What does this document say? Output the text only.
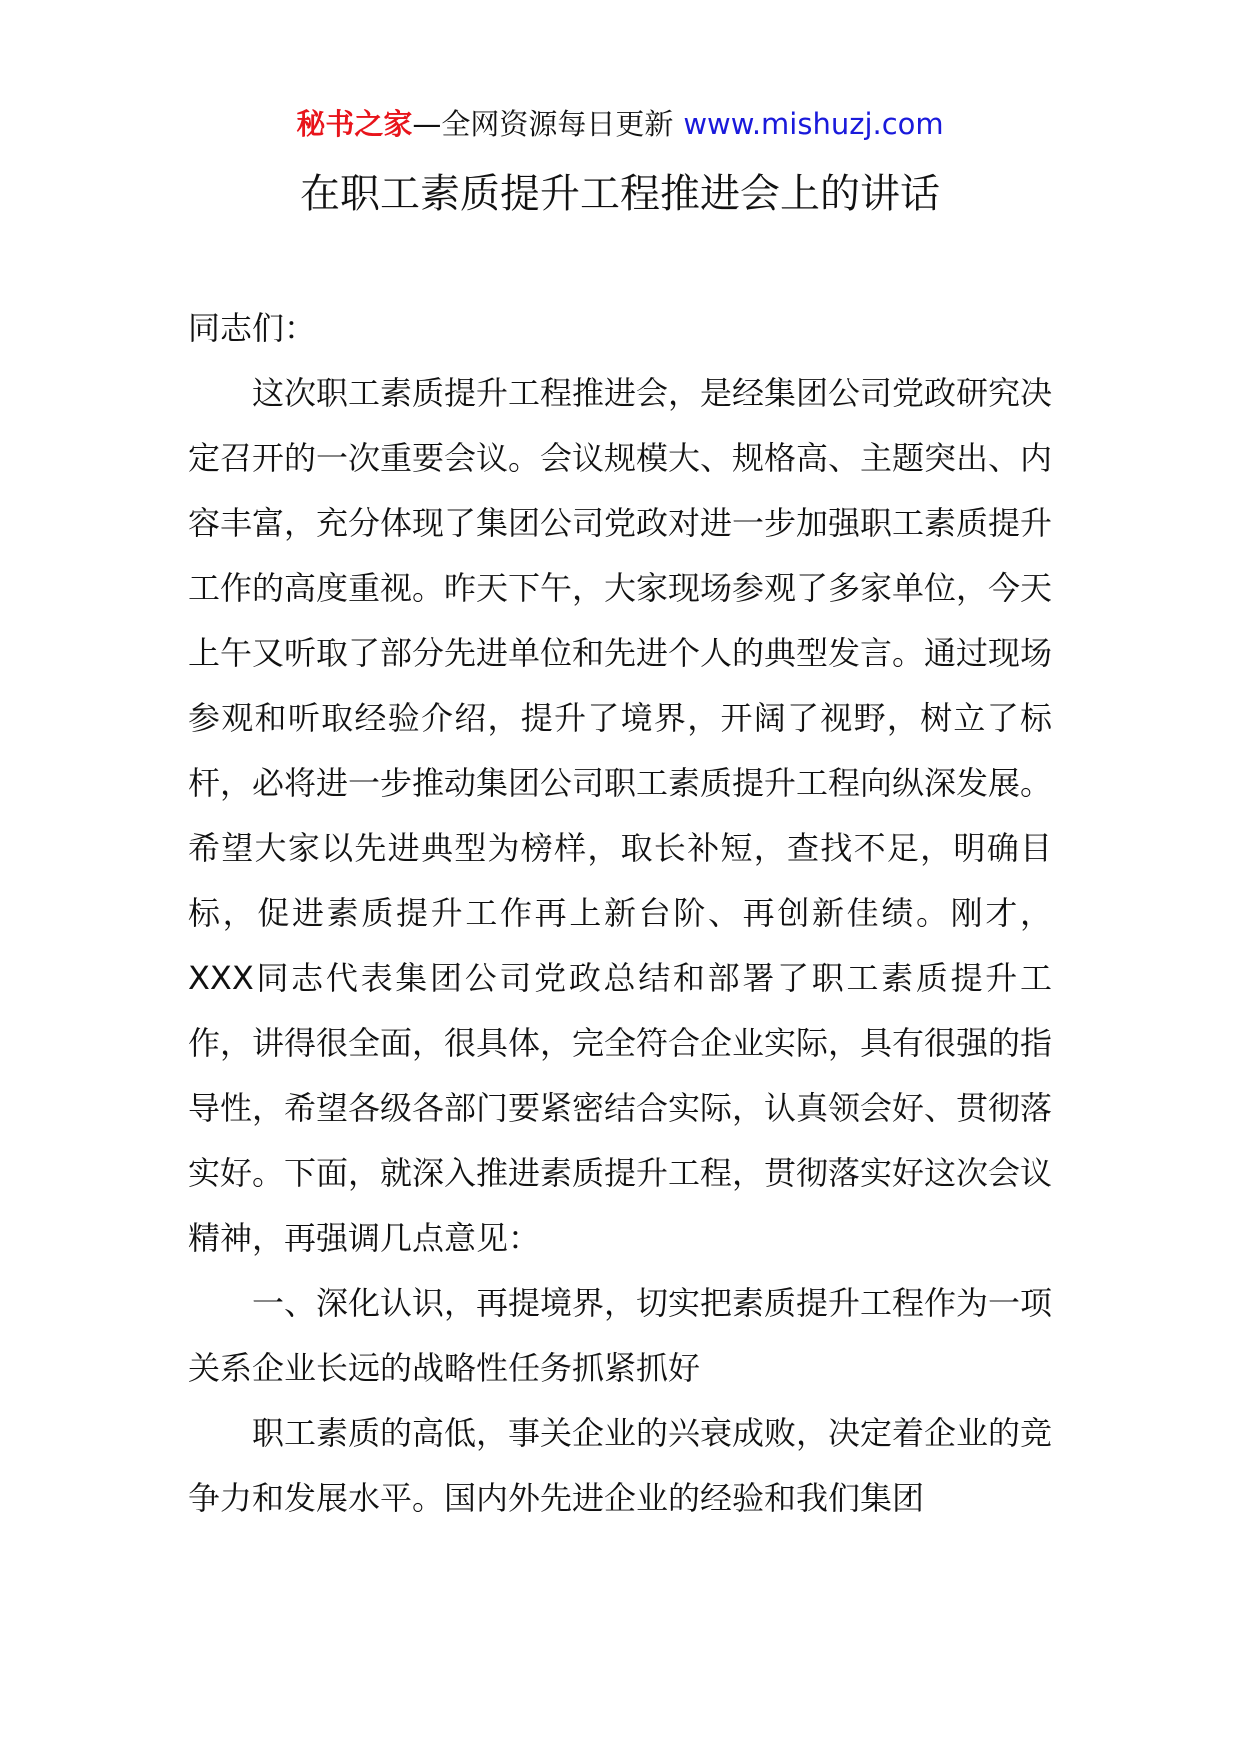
秘书之家—全网资源每日更新 www.mishuzj.com
在职工素质提升工程推进会上的讲话

同志们：

这次职工素质提升工程推进会，是经集团公司党政研究决定召开的一次重要会议。会议规模大、规格高、主题突出、内容丰富，充分体现了集团公司党政对进一步加强职工素质提升工作的高度重视。昨天下午，大家现场参观了多家单位，今天上午又听取了部分先进单位和先进个人的典型发言。通过现场参观和听取经验介绍，提升了境界，开阔了视野，树立了标杆，必将进一步推动集团公司职工素质提升工程向纵深发展。希望大家以先进典型为榜样，取长补短，查找不足，明确目标，促进素质提升工作再上新台阶、再创新佳绩。刚才，XXX同志代表集团公司党政总结和部署了职工素质提升工作，讲得很全面，很具体，完全符合企业实际，具有很强的指导性，希望各级各部门要紧密结合实际，认真领会好、贯彻落实好。下面，就深入推进素质提升工程，贯彻落实好这次会议精神，再强调几点意见：

一、深化认识，再提境界，切实把素质提升工程作为一项关系企业长远的战略性任务抓紧抓好

职工素质的高低，事关企业的兴衰成败，决定着企业的竞争力和发展水平。国内外先进企业的经验和我们集团
